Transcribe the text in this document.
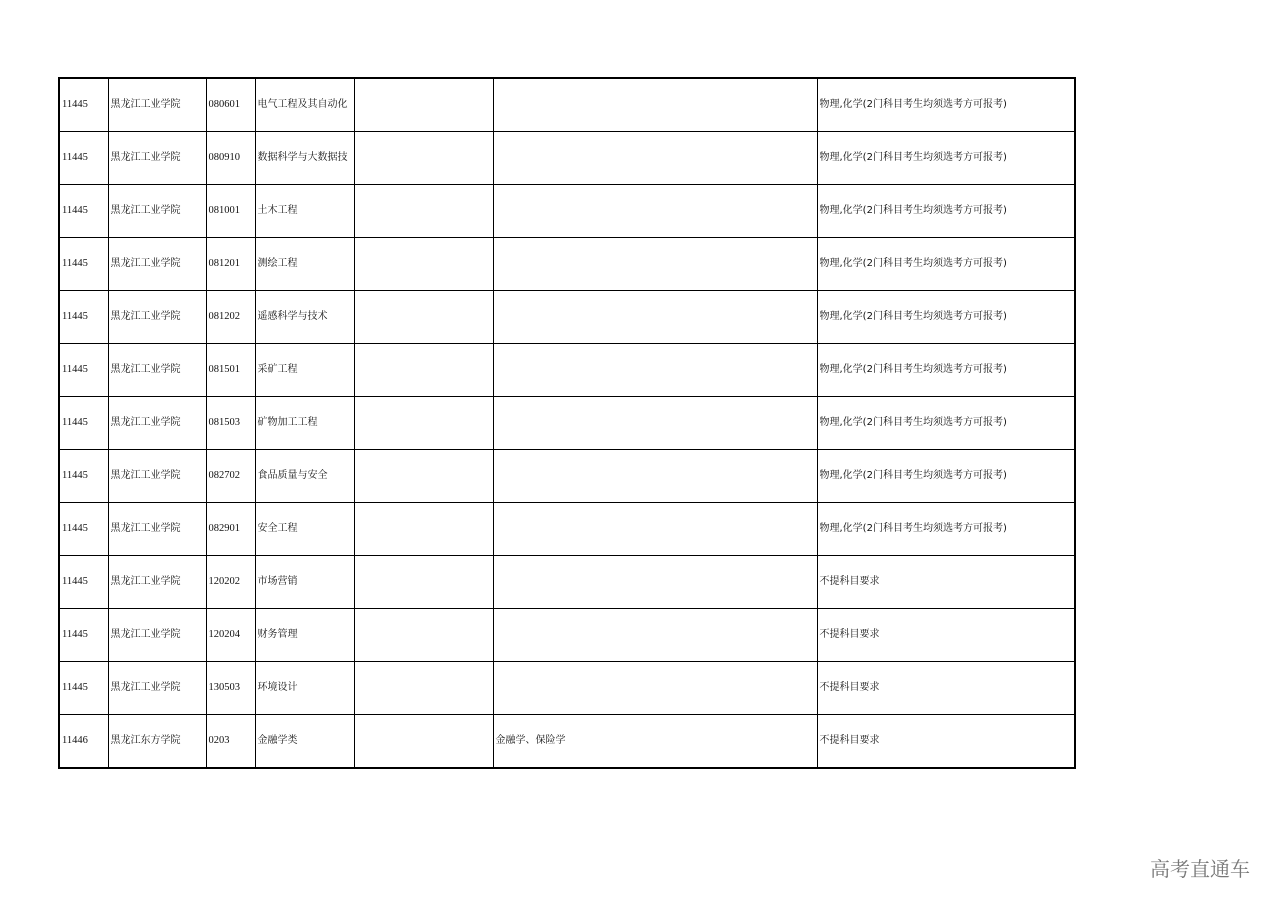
11445	黑龙江工业学院	080601	电气工程及其自动化			物理,化学(2门科目考生均须选考方可报考)
11445	黑龙江工业学院	080910	数据科学与大数据技			物理,化学(2门科目考生均须选考方可报考)
11445	黑龙江工业学院	081001	土木工程			物理,化学(2门科目考生均须选考方可报考)
11445	黑龙江工业学院	081201	测绘工程			物理,化学(2门科目考生均须选考方可报考)
11445	黑龙江工业学院	081202	遥感科学与技术			物理,化学(2门科目考生均须选考方可报考)
11445	黑龙江工业学院	081501	采矿工程			物理,化学(2门科目考生均须选考方可报考)
11445	黑龙江工业学院	081503	矿物加工工程			物理,化学(2门科目考生均须选考方可报考)
11445	黑龙江工业学院	082702	食品质量与安全			物理,化学(2门科目考生均须选考方可报考)
11445	黑龙江工业学院	082901	安全工程			物理,化学(2门科目考生均须选考方可报考)
11445	黑龙江工业学院	120202	市场营销			不提科目要求
11445	黑龙江工业学院	120204	财务管理			不提科目要求
11445	黑龙江工业学院	130503	环境设计			不提科目要求
11446	黑龙江东方学院	0203	金融学类		金融学、保险学	不提科目要求
高考直通车
